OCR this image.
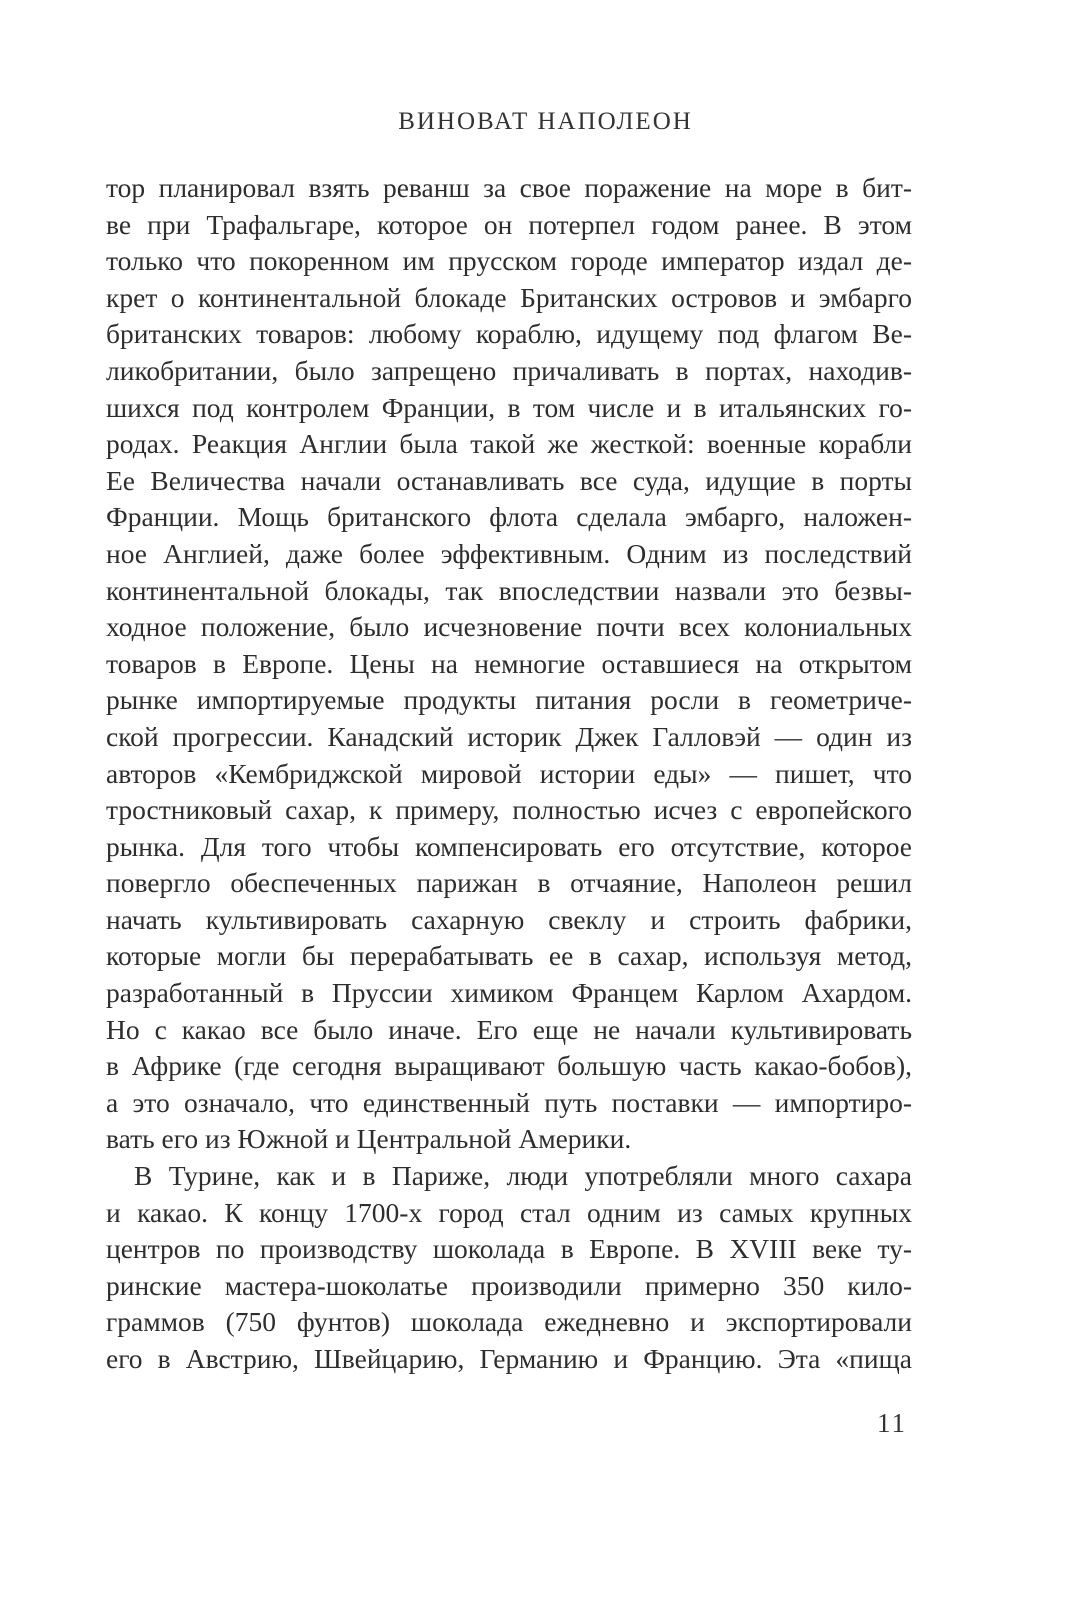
ВИНОВАТ НАПОЛЕОН
тор планировал взять реванш за свое поражение на море в бит-
ве при Трафальгаре, которое он потерпел годом ранее. В этом
только что покоренном им прусском городе император издал де-
крет о континентальной блокаде Британских островов и эмбарго
британских товаров: любому кораблю, идущему под флагом Ве-
ликобритании, было запрещено причаливать в портах, находив-
шихся под контролем Франции, в том числе и в итальянских го-
родах. Реакция Англии была такой же жесткой: военные корабли
Ее Величества начали останавливать все суда, идущие в порты
Франции. Мощь британского флота сделала эмбарго, наложен-
ное Англией, даже более эффективным. Одним из последствий
континентальной блокады, так впоследствии назвали это безвы-
ходное положение, было исчезновение почти всех колониальных
товаров в Европе. Цены на немногие оставшиеся на открытом
рынке импортируемые продукты питания росли в геометриче-
ской прогрессии. Канадский историк Джек Галловэй — один из
авторов «Кембриджской мировой истории еды» — пишет, что
тростниковый сахар, к примеру, полностью исчез с европейского
рынка. Для того чтобы компенсировать его отсутствие, которое
повергло обеспеченных парижан в отчаяние, Наполеон решил
начать культивировать сахарную свеклу и строить фабрики,
которые могли бы перерабатывать ее в сахар, используя метод,
разработанный в Пруссии химиком Францем Карлом Ахардом.
Но с какао все было иначе. Его еще не начали культивировать
в Африке (где сегодня выращивают большую часть какао-бобов),
а это означало, что единственный путь поставки — импортиро-
вать его из Южной и Центральной Америки.
В Турине, как и в Париже, люди употребляли много сахара
и какао. К концу 1700-х город стал одним из самых крупных
центров по производству шоколада в Европе. В XVIII веке ту-
ринские мастера-шоколатье производили примерно 350 кило-
граммов (750 фунтов) шоколада ежедневно и экспортировали
его в Австрию, Швейцарию, Германию и Францию. Эта «пища
11
